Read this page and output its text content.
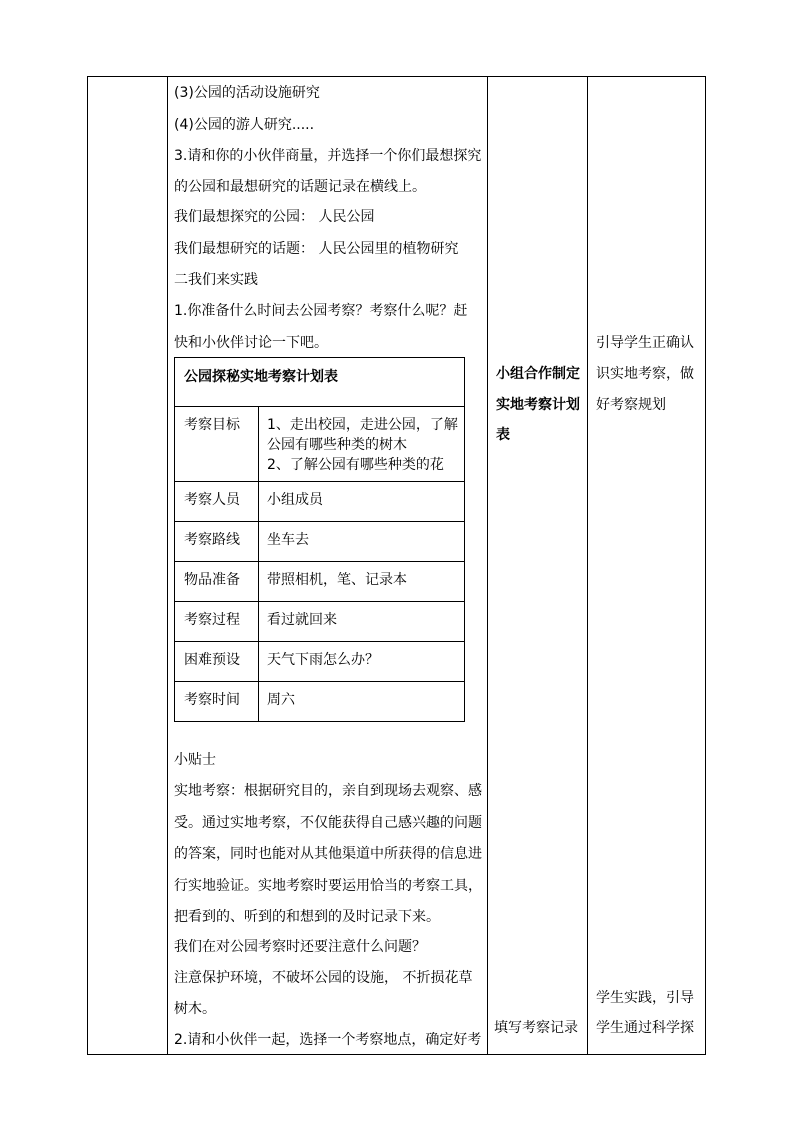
(3)公园的活动设施研究
(4)公园的游人研究.....
3.请和你的小伙伴商量，并选择一个你们最想探究
的公园和最想研究的话题记录在横线上。
我们最想探究的公园： 人民公园
我们最想研究的话题： 人民公园里的植物研究
二我们来实践
1.你准备什么时间去公园考察？考察什么呢？赶
快和小伙伴讨论一下吧。
公园探秘实地考察计划表
考察目标 1、走出校园，走进公园，了解
公园有哪些种类的树木
2、了解公园有哪些种类的花
考察人员 小组成员
考察路线 坐车去
物品准备 带照相机，笔、记录本
考察过程 看过就回来
困难预设 天气下雨怎么办？
考察时间 周六
小贴士
实地考察：根据研究目的，亲自到现场去观察、感
受。通过实地考察，不仅能获得自己感兴趣的问题
的答案，同时也能对从其他渠道中所获得的信息进
行实地验证。实地考察时要运用恰当的考察工具，
把看到的、听到的和想到的及时记录下来。
我们在对公园考察时还要注意什么问题？
注意保护环境，不破坏公园的设施， 不折损花草
树木。
2.请和小伙伴一起，选择一个考察地点，确定好考
小组合作制定
实地考察计划
表
填写考察记录
引导学生正确认
识实地考察，做
好考察规划
学生实践，引导
学生通过科学探
